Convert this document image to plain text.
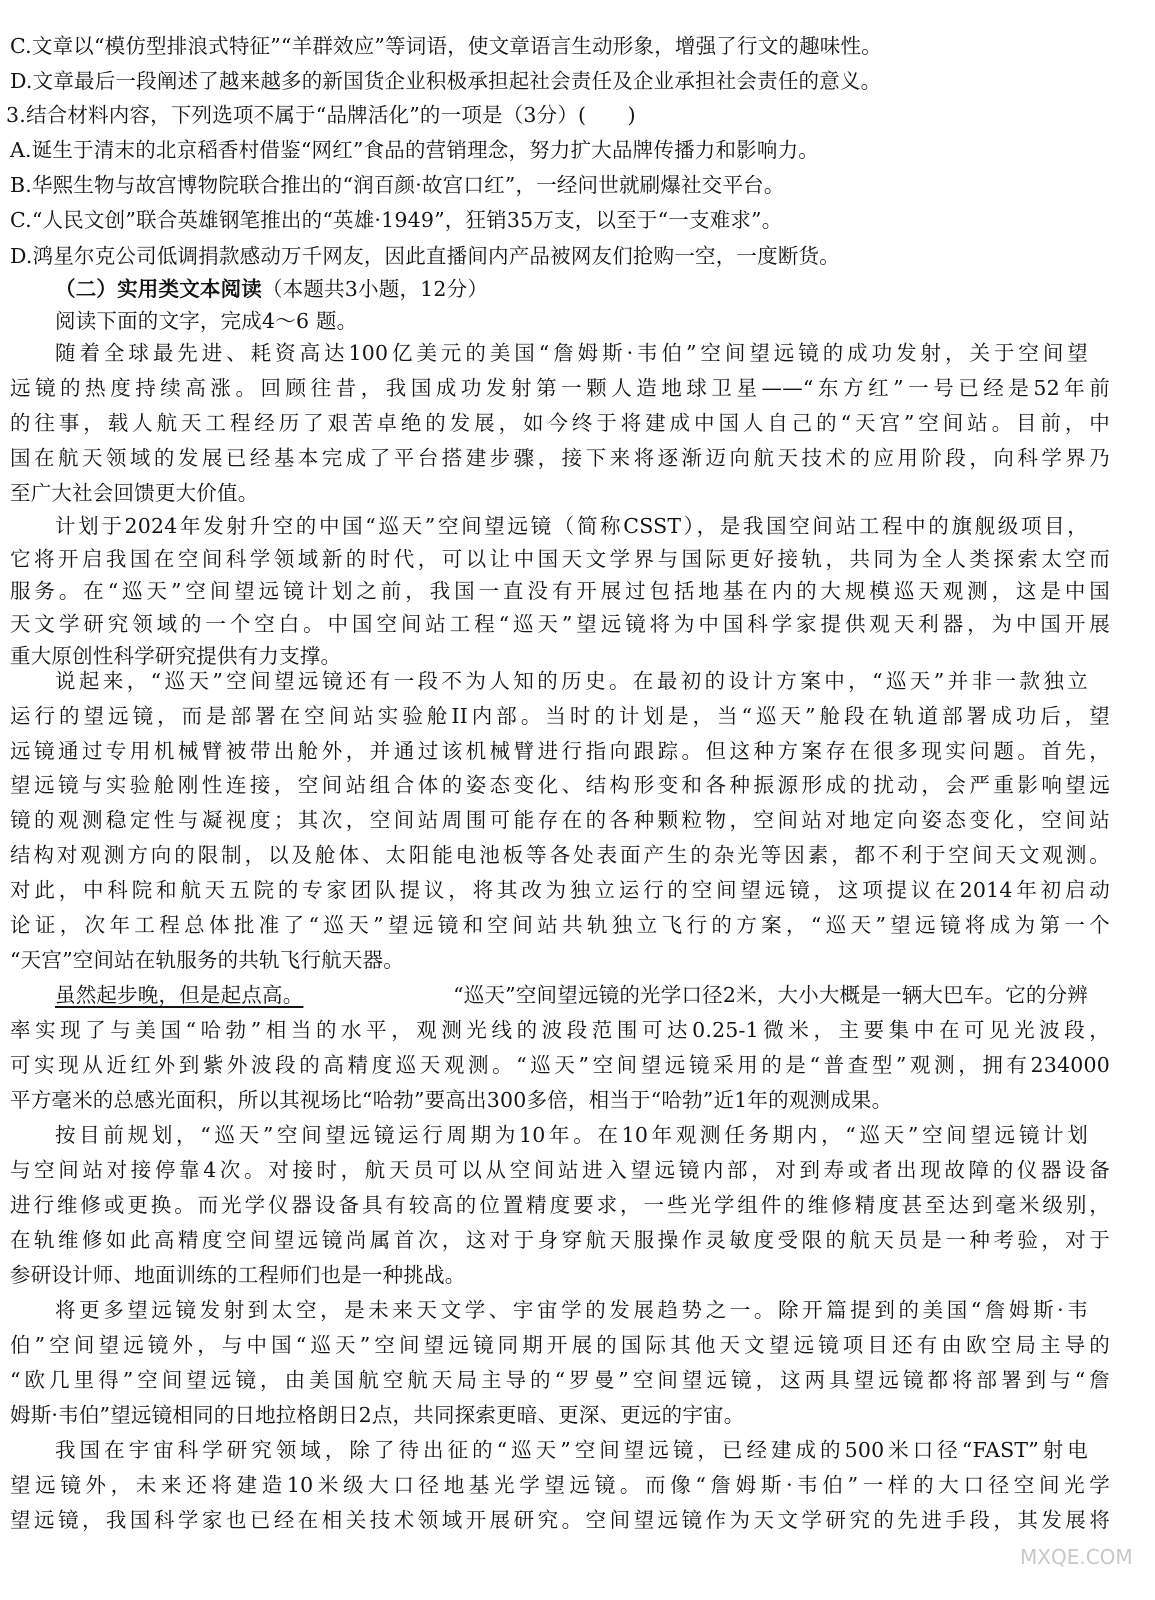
C.文章以“模仿型排浪式特征”“羊群效应”等词语，使文章语言生动形象，增强了行文的趣味性。
D.文章最后一段阐述了越来越多的新国货企业积极承担起社会责任及企业承担社会责任的意义。
3.结合材料内容，下列选项不属于“品牌活化”的一项是（3分）(　　)
A.诞生于清末的北京稻香村借鉴“网红”食品的营销理念，努力扩大品牌传播力和影响力。
B.华熙生物与故宫博物院联合推出的“润百颜·故宫口红”，一经问世就刷爆社交平台。
C.“人民文创”联合英雄钢笔推出的“英雄·1949”，狂销35万支，以至于“一支难求”。
D.鸿星尔克公司低调捐款感动万千网友，因此直播间内产品被网友们抢购一空，一度断货。
（二）实用类文本阅读（本题共3小题，12分）
阅读下面的文字，完成4～6 题。
随着全球最先进、耗资高达100亿美元的美国“詹姆斯·韦伯”空间望远镜的成功发射，关于空间望
远镜的热度持续高涨。回顾往昔，我国成功发射第一颗人造地球卫星——“东方红”一号已经是52年前
的往事，载人航天工程经历了艰苦卓绝的发展，如今终于将建成中国人自己的“天宫”空间站。目前，中
国在航天领域的发展已经基本完成了平台搭建步骤，接下来将逐渐迈向航天技术的应用阶段，向科学界乃
至广大社会回馈更大价值。
计划于2024年发射升空的中国“巡天”空间望远镜（简称CSST），是我国空间站工程中的旗舰级项目，
它将开启我国在空间科学领域新的时代，可以让中国天文学界与国际更好接轨，共同为全人类探索太空而
服务。在“巡天”空间望远镜计划之前，我国一直没有开展过包括地基在内的大规模巡天观测，这是中国
天文学研究领域的一个空白。中国空间站工程“巡天”望远镜将为中国科学家提供观天利器，为中国开展
重大原创性科学研究提供有力支撑。
说起来，“巡天”空间望远镜还有一段不为人知的历史。在最初的设计方案中，“巡天”并非一款独立
运行的望远镜，而是部署在空间站实验舱II内部。当时的计划是，当“巡天”舱段在轨道部署成功后，望
远镜通过专用机械臂被带出舱外，并通过该机械臂进行指向跟踪。但这种方案存在很多现实问题。首先，
望远镜与实验舱刚性连接，空间站组合体的姿态变化、结构形变和各种振源形成的扰动，会严重影响望远
镜的观测稳定性与凝视度；其次，空间站周围可能存在的各种颗粒物，空间站对地定向姿态变化，空间站
结构对观测方向的限制，以及舱体、太阳能电池板等各处表面产生的杂光等因素，都不利于空间天文观测。
对此，中科院和航天五院的专家团队提议，将其改为独立运行的空间望远镜，这项提议在2014年初启动
论证，次年工程总体批准了“巡天”望远镜和空间站共轨独立飞行的方案，“巡天”望远镜将成为第一个
“天宫”空间站在轨服务的共轨飞行航天器。
虽然起步晚，但是起点高。	“巡天”空间望远镜的光学口径2米，大小大概是一辆大巴车。它的分辨
率实现了与美国“哈勃”相当的水平，观测光线的波段范围可达0.25-1微米，主要集中在可见光波段，
可实现从近红外到紫外波段的高精度巡天观测。“巡天”空间望远镜采用的是“普查型”观测，拥有234000
平方毫米的总感光面积，所以其视场比“哈勃”要高出300多倍，相当于“哈勃”近1年的观测成果。
按目前规划，“巡天”空间望远镜运行周期为10年。在10年观测任务期内，“巡天”空间望远镜计划
与空间站对接停靠4次。对接时，航天员可以从空间站进入望远镜内部，对到寿或者出现故障的仪器设备
进行维修或更换。而光学仪器设备具有较高的位置精度要求，一些光学组件的维修精度甚至达到毫米级别，
在轨维修如此高精度空间望远镜尚属首次，这对于身穿航天服操作灵敏度受限的航天员是一种考验，对于
参研设计师、地面训练的工程师们也是一种挑战。
将更多望远镜发射到太空，是未来天文学、宇宙学的发展趋势之一。除开篇提到的美国“詹姆斯·韦
伯”空间望远镜外，与中国“巡天”空间望远镜同期开展的国际其他天文望远镜项目还有由欧空局主导的
“欧几里得”空间望远镜，由美国航空航天局主导的“罗曼”空间望远镜，这两具望远镜都将部署到与“詹
姆斯·韦伯”望远镜相同的日地拉格朗日2点，共同探索更暗、更深、更远的宇宙。
我国在宇宙科学研究领域，除了待出征的“巡天”空间望远镜，已经建成的500米口径“FAST”射电
望远镜外，未来还将建造10米级大口径地基光学望远镜。而像“詹姆斯·韦伯”一样的大口径空间光学
望远镜，我国科学家也已经在相关技术领域开展研究。空间望远镜作为天文学研究的先进手段，其发展将
MXQE.COM
